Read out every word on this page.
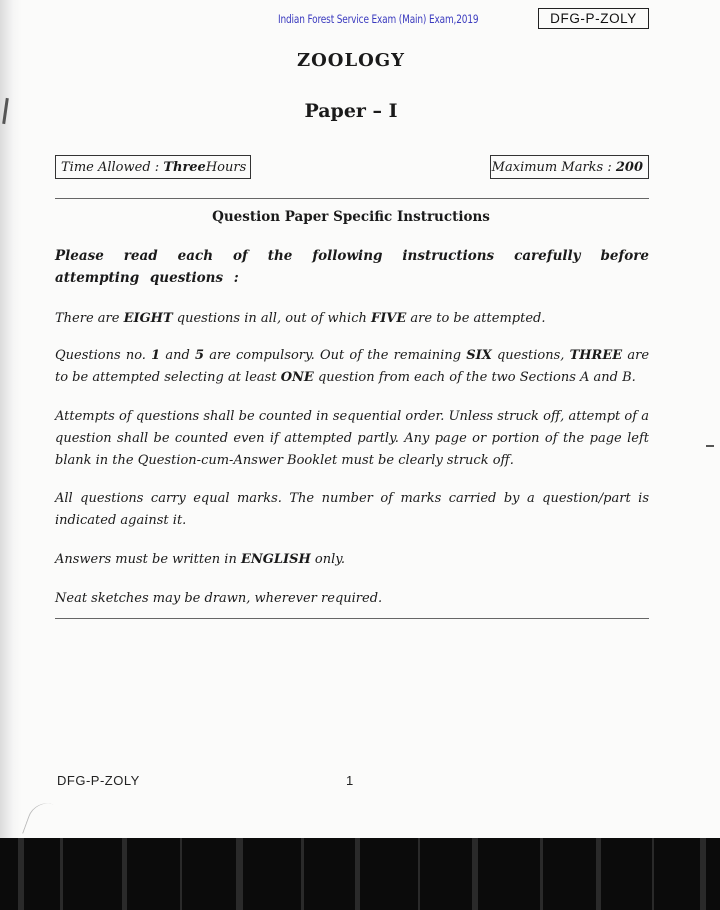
Indian Forest Service Exam (Main) Exam,2019	DFG-P-ZOLY
ZOOLOGY
Paper – I
Time Allowed :
Three Hours	Maximum Marks :
200
Question Paper Specific Instructions
Please read each of the following instructions carefully before attempting questions :
There are EIGHT questions in all, out of which FIVE are to be attempted.
Questions no. 1 and 5 are compulsory. Out of the remaining SIX questions, THREE are to be attempted selecting at least ONE question from each of the two Sections A and B.
Attempts of questions shall be counted in sequential order. Unless struck off, attempt of a question shall be counted even if attempted partly. Any page or portion of the page left blank in the Question-cum-Answer Booklet must be clearly struck off.
All questions carry equal marks. The number of marks carried by a question/part is indicated against it.
Answers must be written in ENGLISH only.
Neat sketches may be drawn, wherever required.
DFG-P-ZOLY	1
